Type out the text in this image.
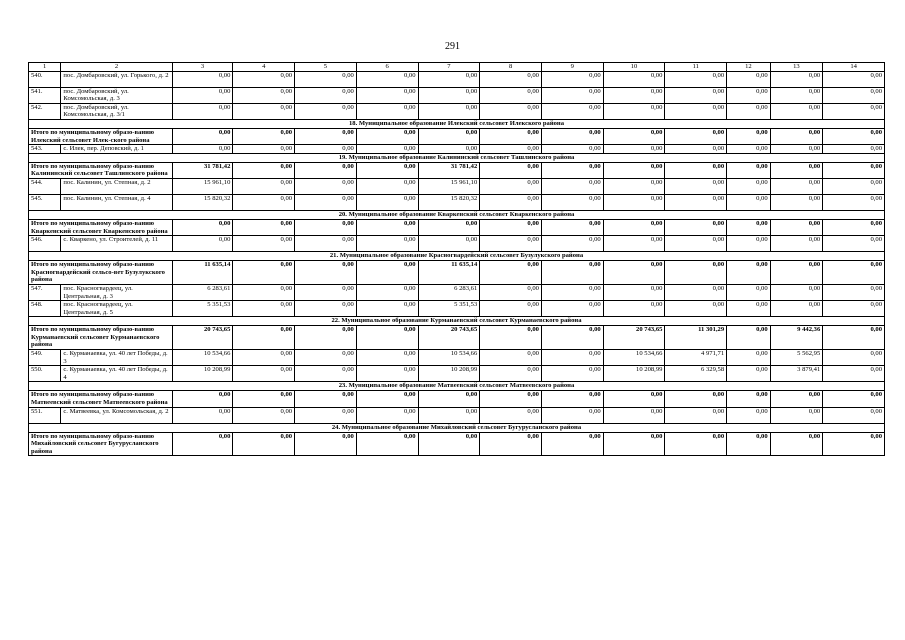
291
1	2	3	4	5	6	7	8	9	10	11	12	13	14
540.	пос. Домбаровский, ул. Горького, д. 2	0,00	0,00	0,00	0,00	0,00	0,00	0,00	0,00	0,00	0,00	0,00	0,00
541.	пос. Домбаровский, ул. Комсомольская, д. 3	0,00	0,00	0,00	0,00	0,00	0,00	0,00	0,00	0,00	0,00	0,00	0,00
542.	пос. Домбаровский, ул. Комсомольская, д. 3/1	0,00	0,00	0,00	0,00	0,00	0,00	0,00	0,00	0,00	0,00	0,00	0,00
18. Муниципальное образование Илекский сельсовет Илекского района													
Итого по муниципальному образо-ванию Илекский сельсовет Илек-ского района		0,00	0,00	0,00	0,00	0,00	0,00	0,00	0,00	0,00	0,00	0,00	0,00
543.	с. Илек, пер. Деповский, д. 1	0,00	0,00	0,00	0,00	0,00	0,00	0,00	0,00	0,00	0,00	0,00	0,00
19. Муниципальное образование Калининский сельсовет Ташлинского района													
Итого по муниципальному образо-ванию Калининский сельсовет Ташлинского района		31 781,42	0,00	0,00	0,00	31 781,42	0,00	0,00	0,00	0,00	0,00	0,00	0,00
544.	пос. Калинин, ул. Степная, д. 2	15 961,10	0,00	0,00	0,00	15 961,10	0,00	0,00	0,00	0,00	0,00	0,00	0,00
545.	пос. Калинин, ул. Степная, д. 4	15 820,32	0,00	0,00	0,00	15 820,32	0,00	0,00	0,00	0,00	0,00	0,00	0,00
20. Муниципальное образование Кваркенский сельсовет Кваркенского района													
Итого по муниципальному образо-ванию Кваркенский сельсовет Кваркенского района		0,00	0,00	0,00	0,00	0,00	0,00	0,00	0,00	0,00	0,00	0,00	0,00
546.	с. Кваркено, ул. Строителей, д. 11	0,00	0,00	0,00	0,00	0,00	0,00	0,00	0,00	0,00	0,00	0,00	0,00
21. Муниципальное образование Красногвардейский сельсовет Бузулукского района													
Итого по муниципальному образо-ванию Красногвардейский сельсо-вет Бузулукского района		11 635,14	0,00	0,00	0,00	11 635,14	0,00	0,00	0,00	0,00	0,00	0,00	0,00
547.	пос. Красногвардеец, ул. Центральная, д. 3	6 283,61	0,00	0,00	0,00	6 283,61	0,00	0,00	0,00	0,00	0,00	0,00	0,00
548.	пос. Красногвардеец, ул. Центральная, д. 5	5 351,53	0,00	0,00	0,00	5 351,53	0,00	0,00	0,00	0,00	0,00	0,00	0,00
22. Муниципальное образование Курманаевский сельсовет Курманаевского района													
Итого по муниципальному образо-ванию Курманаевский сельсовет Курманаевского района		20 743,65	0,00	0,00	0,00	20 743,65	0,00	0,00	20 743,65	11 301,29	0,00	9 442,36	0,00
549.	с. Курманаевка, ул. 40 лет Победы, д. 3	10 534,66	0,00	0,00	0,00	10 534,66	0,00	0,00	10 534,66	4 971,71	0,00	5 562,95	0,00
550.	с. Курманаевка, ул. 40 лет Победы, д. 4	10 208,99	0,00	0,00	0,00	10 208,99	0,00	0,00	10 208,99	6 329,58	0,00	3 879,41	0,00
23. Муниципальное образование Матвеевский сельсовет Матвеевского района													
Итого по муниципальному образо-ванию Матвеевский сельсовет Матвеевского района		0,00	0,00	0,00	0,00	0,00	0,00	0,00	0,00	0,00	0,00	0,00	0,00
551.	с. Матвеевка, ул. Комсомольская, д. 2	0,00	0,00	0,00	0,00	0,00	0,00	0,00	0,00	0,00	0,00	0,00	0,00
24. Муниципальное образование Михайловский сельсовет Бугурусланского района													
Итого по муниципальному образо-ванию Михайловский сельсовет Бугурусланского района		0,00	0,00	0,00	0,00	0,00	0,00	0,00	0,00	0,00	0,00	0,00	0,00
